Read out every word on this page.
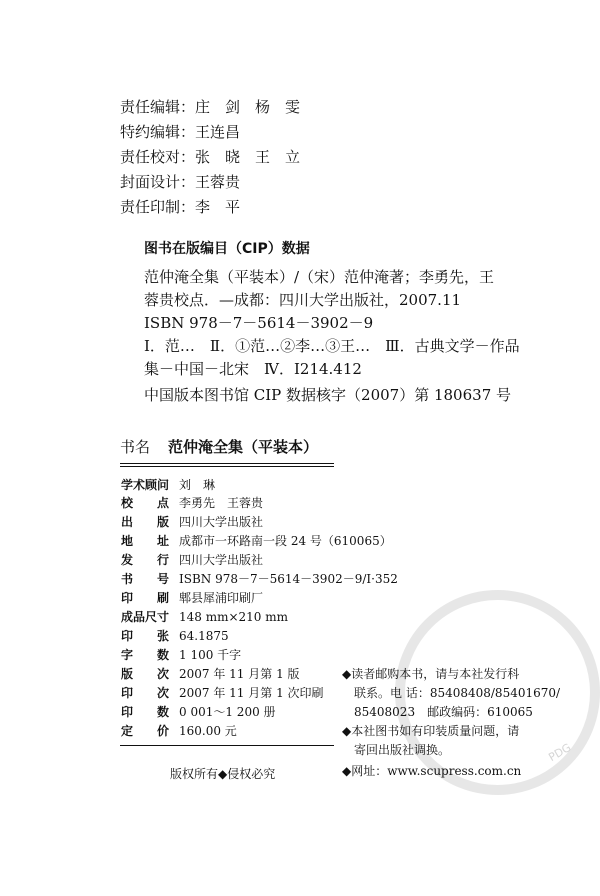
责任编辑：庄　剑　杨　雯
特约编辑：王连昌
责任校对：张　晓　王　立
封面设计：王蓉贵
责任印制：李　平
图书在版编目（CIP）数据
范仲淹全集（平装本）/（宋）范仲淹著；李勇先，王
蓉贵校点．—成都：四川大学出版社，2007.11
ISBN 978－7－5614－3902－9
Ⅰ．范…　Ⅱ．①范…②李…③王…　Ⅲ．古典文学－作品
集－中国－北宋　Ⅳ．I214.412
中国版本图书馆 CIP 数据核字（2007）第 180637 号
书名 范仲淹全集（平装本）
学术顾问 刘　琳
校　　点 李勇先　王蓉贵
出　　版 四川大学出版社
地　　址 成都市一环路南一段 24 号（610065）
发　　行 四川大学出版社
书　　号 ISBN 978－7－5614－3902－9/I·352
印　　刷 郫县犀浦印刷厂
成品尺寸 148 mm×210 mm
印　　张 64.1875
字　　数 1 100 千字
版　　次 2007 年 11 月第 1 版
印　　次 2007 年 11 月第 1 次印刷
印　　数 0 001～1 200 册
定　　价 160.00 元
PDG
◆读者邮购本书，请与本社发行科
联系。电 话：85408408/85401670/
85408023　邮政编码：610065
◆本社图书如有印装质量问题，请
寄回出版社调换。
◆网址：www.scupress.com.cn
版权所有◆侵权必究
